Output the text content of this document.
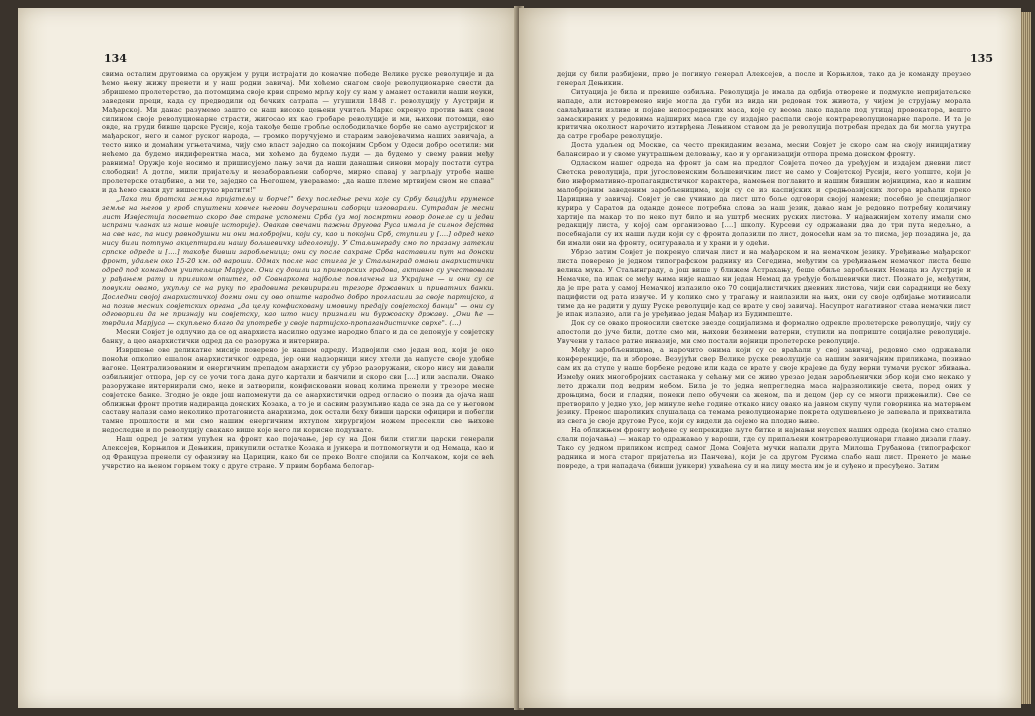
134

свима осталим друговима са оружјем у руци истрајати до коначне победе Велике руске револуције и да ћемо њену жижу пренети и у наш родни завичај. Ми хоћемо снагом своје револуционарне свести да збришемо пролетерство, да потомцима своје крви спремо мрљу коју су нам у аманет оставили наши неуки, заведени преци, када су предводили од бечких сатрапа — угушили 1848 г. револуцију у Аустрији и Мађарској. Ми данас разумемо зашто се наш високо цењени учитељ Маркс окренуо против њих свом силином своје револуционарне страсти, жигосао их као гробаре револуције и ми, њихови потомци, ево овде, на груди бивше царске Русије, која такође беше гробље ослободилачке борбе не само аустријског и мађарског, него и самог руског народа, — громко поручујемо и стараим завојевачима наших завичаја, а тесто нико и домаћим угњетачима, чију смо власт заједно са покојним Србом у Одеси добро осетили: ми нећемо да будемо индиферентна маса, ми хоћемо да будемо људи — да будемо у свему равни међу равнима! Оружје које носимо и пришисујемо лању зачи да наши данашњи синови морају постати сутра слободни! А дотле, мили пријатељу и незаборављени саборче, мирно спавај у загрљају утробе наше пролетерске отаџбине, а ми те, заједно са Његошем, уверавамо: „да наше племе мртвијем сном не спава" и да ћемо сваки дуг вишеструко вратити!"

„Лака ти братска земља пријатељу и борче!" беху последње речи које су Србу бацајући груменсе земље на његов у гроб спуштени ковчег његови доучерашњи саборци изговарали. Сутрадан је месни лист Извјестија посветио скоро две стране успомени Срба (уз мој посмртни говор донеле су и једви испрани чланак из наше новије историје). Овакав свечани пажњи другова Руса имала је силног дејства на све нас, па нису равнодушни ни они малобројни, који су, као и покојни Срб, ступили у [....] одред неко нису били потпуно акцептирали нашу бољшевичку идеологију. У Стаљинграду смо по празану затекли српске одреде и [....] такође бивши заробљеници; они су после сахране Срба наставили пут на донски фронт, удаљен око 15-20 км. од вароши. Одмах после нас стигла је у Стаљинград омањи анархистички одред под командом учитељице Марјусе. Они су дошли из приморских градова, активно су учествовали у рађањем рату и приликом општег, од Совнаркома најбоље повлачења из Украјине — и они су се повукли овамо, укупљу се на руку по градовима реквирирали трезоре државних и приватних банки. Доследни својој анархистичкој догми они су ово опште народно добро прогласили за своје партијско, а на позив месних совјетских органа „да целу конфисковану имовину предају совјетској банци" — они су одговорили да не признају ни совјетску, као што нису признали ни буржоаску државу. „Они ће — тврдила Марјуса — скупљено благо да употребе у своје партијско-пропагандистичке сврхе". (...)

Месни Совјет је одлучио да се од анархиста насилно одузме народно благо и да се депонује у совјетску банку, а цео анархистички одред да се разоружа и интернира.

Извршење ове деликатне мисије поверено је нашем одреду. Издвојили смо један вод, који је око поноћи опколио ешалон анархистичког одреда, јер они надзорници нису хтели да напусте своје удобне вагоне. Централизованим и енергичним препадом анархисти су убрзо разоружани, скоро нису ни давали озбиљнијег отпора, јер су се уочи тога дана дуго картали и банчили и скоро сви [....] или заспали. Онако разоружане интернирали смо, неке и затворили, конфисковани новац колима пренели у трезоре месне совјетске банке. Згодно је овде још напоменути да се анархистички одред огласио о позив да ојача наш оближњи фронт против надиранца донских Козака, а то је и сасвим разумљиво када се зна да се у његовом саставу налази само неколико протагониста анархизма, док остали беху бивши царски официри и побегли тамне прошлости и ми смо нашим енергичним ихтупом хирургијом ножем пресекли све њихове недоследне и по револуцију свакако више које него ли корисне подухвате.

Наш одред је затим упућен на фронт као појачање, јер су на Дон били стигли царски генерали Алексејев, Корњилов и Дењикин, прикупили остатке Козака и јункера и потпомогнути и од Немаца, као и од Француза пренели су офанзиву на Царицин, како би се преко Волге спојили са Колчаком, који се већ учврстио на њеном горњем току с друге стране. У првим борбама белогар-

135

дејци су били разбијени, прво је погинуо генерал Алексејев, а после и Корњилов, тако да је команду преузео генерал Дењикин.

Ситуација је била и превише озбиљна. Револуција је имала да одбија отворене и подмукле непријатељске нападе, али истовремено није могла да губи из вида ни редован ток живота, у чијем је струјању морала савлађивати изливе и појаве непосредвених маса, које су веома лако падале под утицај провокатора, вешто замаскираних у редовима најширих маса где су издајно распали своје контрареволуционарне пароле. И та је критична околност нарочито изтврђена Лењином ставом да је револуција потребан предах да би могла унутра да сатре гробаре револуције.

Доста удаљен од Москве, са често прекиданим везама, месни Совјет је скоро сам на своју иницијативу балансирао и у своме унутрашњем деловању, као и у организацији отпора према донском фронту.

Одласком нашег одреда на фронт ја сам на предлог Совјета почео да уређујем и издајем дневни лист Светска револуција, при југословенским бољшевичким лист не само у Совјетској Русији, него уопште, који је био информативно-пропагандистичког карактера, намењен поглавито и нашим бившим војницима, као и нашим малобројним заведеним заробљеницима, који су се из каспијских и средњоазијских логора враћали преко Царицина у завичај. Совјет је све учинио да лист што боље одговори својој намени; посебно је специјалног курира у Саратов да оданде донесе потребна слова за наш језик, давао нам је редовно потребну количину хартије па макар то по неко пут било и на уштрб месних руских листова. У најважнијем хотелу имали смо редакцију листа, у којој сам организовао [....] школу. Курсеви су одржавани два до три пута недељно, а посебнајали су их наши људи који су с фронта долазили по лист, доносећи нам за то писма, јер позадина је, да би имали они на фронту, осигуравала и у храни и у одећи.

Убрзо затим Совјет је покренуо сличан лист и на мађарском и на немачком језику. Уређивање мађарског листа поверено је једном типографском раднику из Сегедина, међутим са уређивањем немачког листа беше велика мука. У Стаљинграду, а још више у ближем Астрахању, беше обиље заробљених Немаца из Аустрије и Немачке, па ипак се међу њима није нашао ни један Немац да уређује бољшевички лист. Познато је, међутим, да је пре рата у самој Немачкој излазило око 70 социјалистичких дневних листова, чији сви сарадници не беху пацифисти од рата извуче. И у колико смо у трагању и наилазили на њих, они су своје одбијање мотивисали тиме да не радити у душу Руске револуције кад се врате у свој завичај. Насупрот нагативног става немачки лист је ипак излазио, али га је уређивао један Мађар из Будимпеште.

Док су се овако проносили светске звезде социјализма и формално одрекле пролетерске револуције, чију су апостоли до јуче били, дотле смо ми, њихови безимени ватерни, ступили на поприште социјалне револуције. Увучени у таласе ратне инвазије, ми смо постали војници пролетерске револуције.

Међу заробљеницима, а нарочито онима који су се враћали у свој завичај, редовно смо одржавали конференције, па и зборове. Везујући свер Велике руске револуције са нашим завичајним приликама, позивао сам их да ступе у наше борбене редове или када се врате у своје крајеве да буду верни тумачи руског збивања. Између оних многобројних састанака у сећању ми се живо урезао један заробљенички збор који смо некако у лето држали под ведрим небом. Била је то једна непрегледна маса најразноликије света, поред оних у дроњцима, боси и гладни, понеки лепо обучени са женом, па и децом (јер су се многи прижењили). Све се претворило у једно ухо, јер минуле неће године откако нису овако на јавном скупу чули говорника на матерњем језику. Пренос шароликих слушалаца са темама револуционарне покрета одушевљено је запевала и прихватила из свега је своје другове Русе, који су видели да сејемо на плодно њиве.

На оближњем фронту вођене су непрекидне љуте битке и најмањи неуспех наших одреда (којима смо стално слали појачања) — макар то одражавао у вароши, где су припаљени контрареволуционари главно дизали главу. Тако су једном приликом испред самог Дома Совјета мучки напали друга Милоша Грубанова (типографског радника и мога старог пријатеља из Панчева), који је са другом Русима слабо наш лист. Пренето је мање повреде, а три нападача (бивши јункери) ухваћена су и на лицу места им је и суђено и пресуђено. Затим
